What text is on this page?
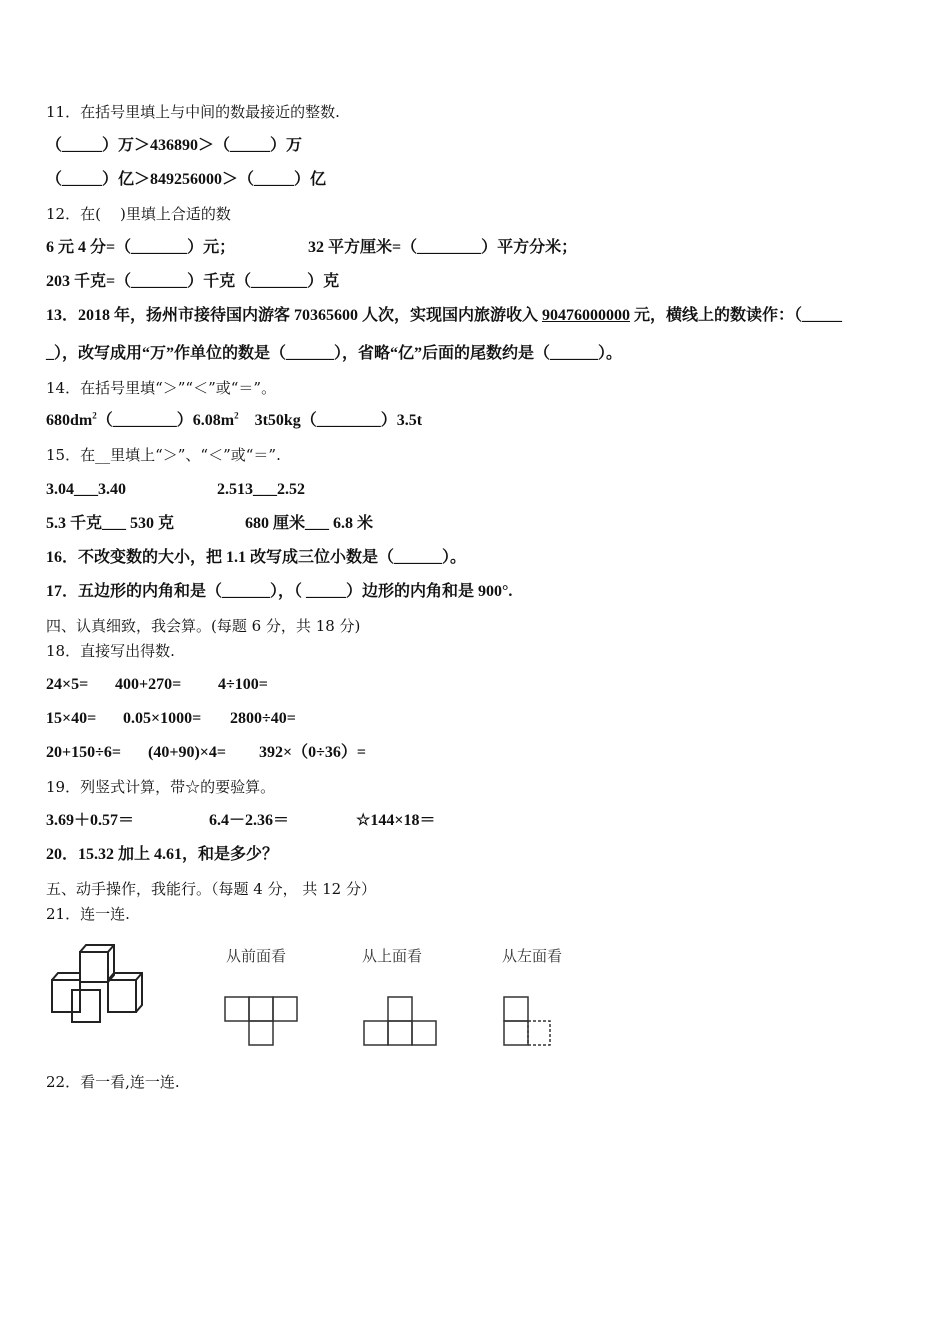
11．在括号里填上与中间的数最接近的整数.
（_____）万＞436890＞（_____）万
（_____）亿＞849256000＞（_____）亿
12．在(    )里填上合适的数
6 元 4 分=（_______）元；	32 平方厘米=（________）平方分米；
203 千克=（_______）千克（_______）克
13．2018 年，扬州市接待国内游客 70365600 人次，实现国内旅游收入 90476000000 元，横线上的数读作：（_____
_），改写成用“万”作单位的数是（______），省略“亿”后面的尾数约是（______）。
14．在括号里填“＞”“＜”或“＝”。
$680dm^2(\_\_\_\_\_\_\_\_)6.08m^2$ 3t50kg（________）3.5t
15．在__里填上“＞”、“＜”或“＝”.
3.04___3.40	2.513___2.52
5.3 千克___ 530 克	680 厘米___ 6.8 米
16．不改变数的大小，把 1.1 改写成三位小数是（______）。
17．五边形的内角和是（______），（ _____）边形的内角和是 900°.
四、认真细致，我会算。(每题 6 分，共 18 分)
18．直接写出得数.
24×5= 400+270= 4÷100=
15×40= 0.05×1000= 2800÷40=
20+150÷6= (40+90)×4= 392×（0÷36）=
19．列竖式计算，带☆的要验算。
3.69＋0.57＝	6.4－2.36＝	☆144×18＝
20．15.32 加上 4.61，和是多少？
五、动手操作，我能行。（每题 4 分， 共 12 分）
21．连一连.
从前面看	从上面看	从左面看
22．看一看,连一连.
